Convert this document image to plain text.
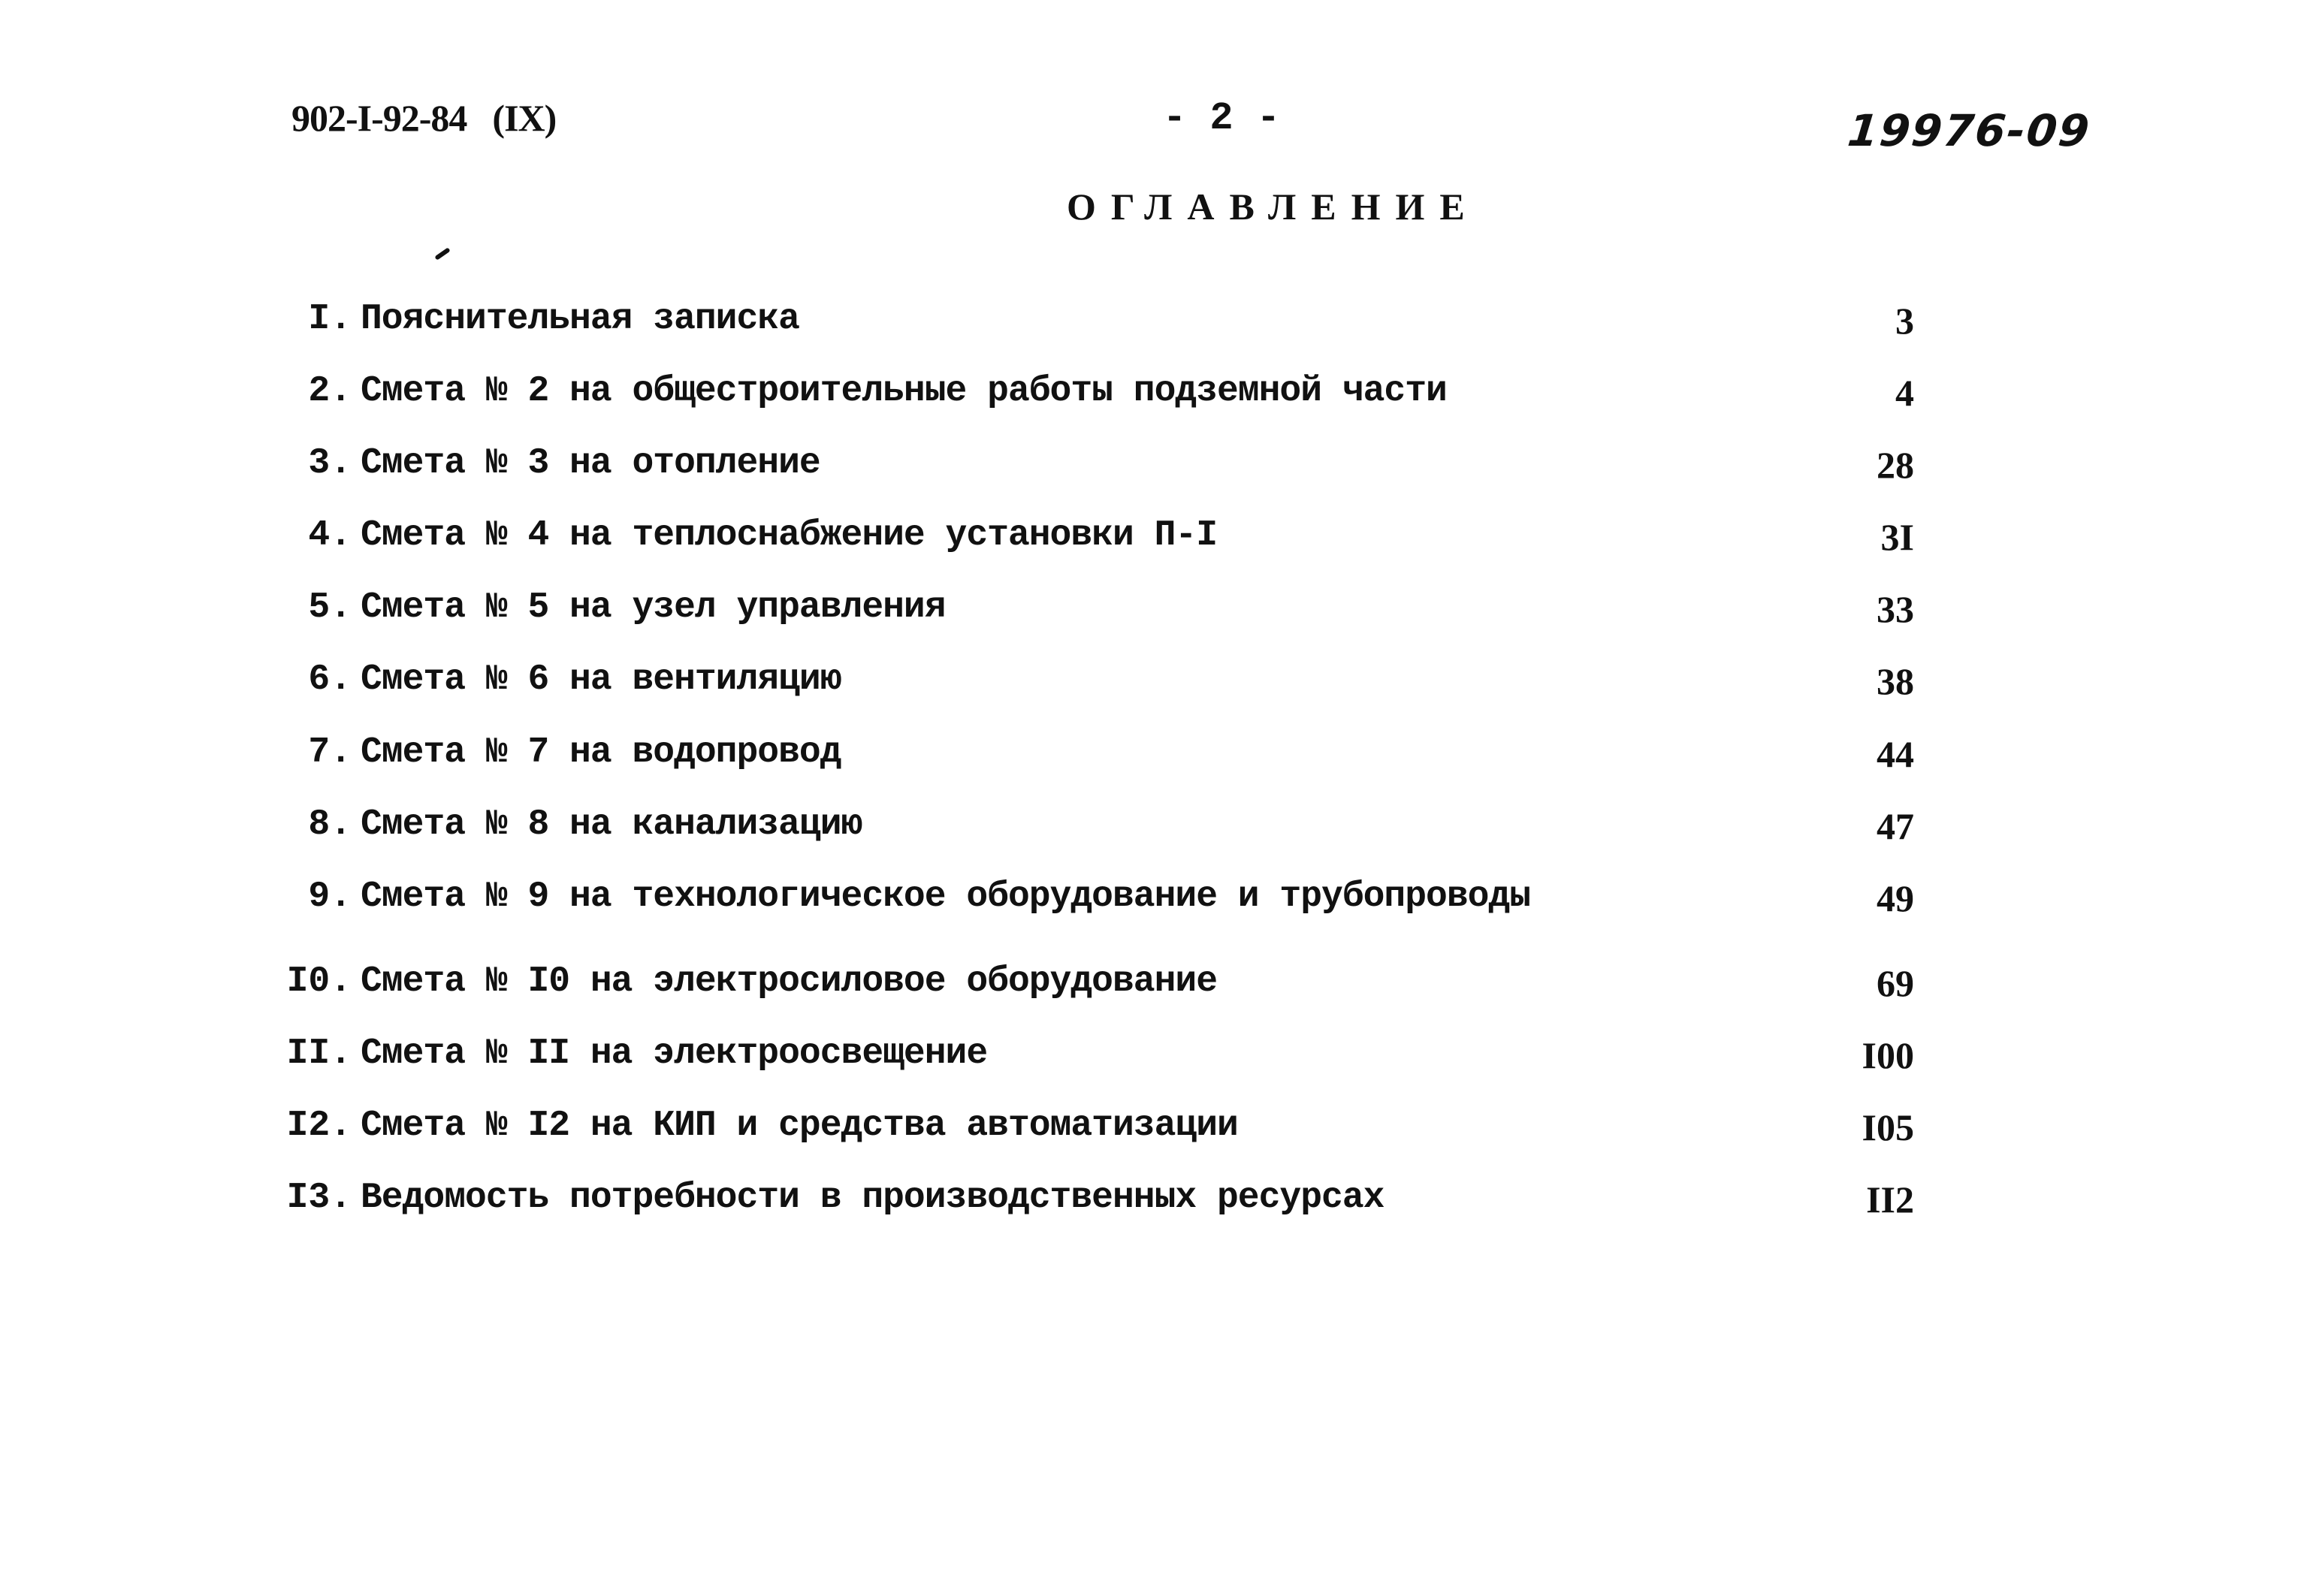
902-I-92-84 (IX)	- 2 -	19976-09
ОГЛАВЛЕНИЕ
I. Пояснительная записка	3
2. Смета № 2 на общестроительные работы подземной части	4
3. Смета № 3 на отопление	28
4. Смета № 4 на теплоснабжение установки П-I	3I
5. Смета № 5 на узел управления	33
6. Смета № 6 на вентиляцию	38
7. Смета № 7 на водопровод	44
8. Смета № 8 на канализацию	47
9. Смета № 9 на технологическое оборудование и трубопроводы	49
I0. Смета № I0 на электросиловое оборудование	69
II. Смета № II на электроосвещение	I00
I2. Смета № I2 на КИП и средства автоматизации	I05
I3. Ведомость потребности в производственных ресурсах	II2
